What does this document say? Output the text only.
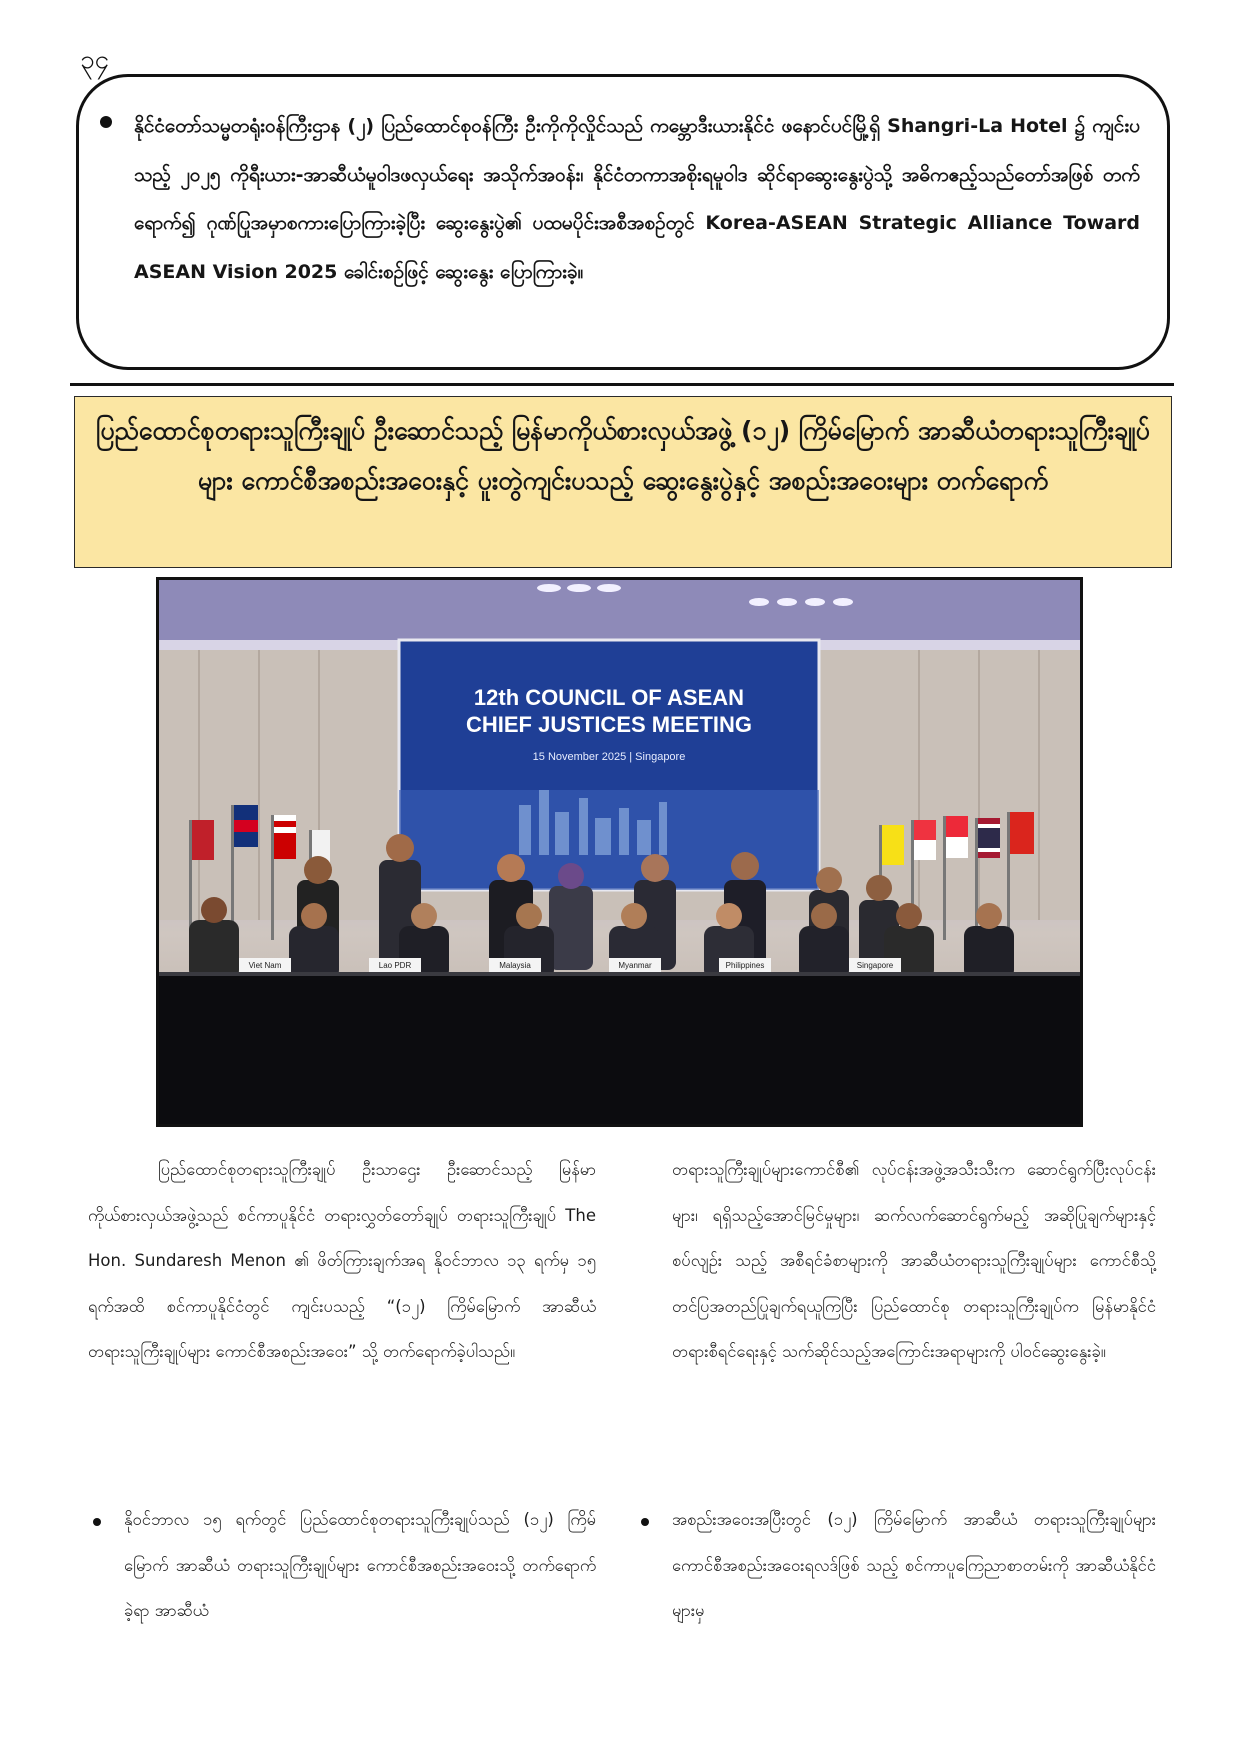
၃၄
နိုင်ငံတော်သမ္မတရုံးဝန်ကြီးဌာန (၂) ပြည်ထောင်စုဝန်ကြီး ဦးကိုကိုလှိုင်သည် ကမ္ဘောဒီးယားနိုင်ငံ ဖနောင်ပင်မြို့ရှိ Shangri-La Hotel ၌ ကျင်းပသည့် ၂၀၂၅ ကိုရီးယား-အာဆီယံမူဝါဒဖလှယ်ရေး အသိုက်အဝန်း၊ နိုင်ငံတကာအစိုးရမူဝါဒ ဆိုင်ရာဆွေးနွေးပွဲသို့ အဓိကဧည့်သည်တော်အဖြစ် တက်ရောက်၍ ဂုဏ်ပြုအမှာစကားပြောကြားခဲ့ပြီး ဆွေးနွေးပွဲ၏ ပထမပိုင်းအစီအစဉ်တွင် Korea-ASEAN Strategic Alliance Toward ASEAN Vision 2025 ခေါင်းစဉ်ဖြင့် ဆွေးနွေး ပြောကြားခဲ့။
ပြည်ထောင်စုတရားသူကြီးချုပ် ဦးဆောင်သည့် မြန်မာကိုယ်စားလှယ်အဖွဲ့ (၁၂) ကြိမ်မြောက် အာဆီယံတရားသူကြီးချုပ်များ ကောင်စီအစည်းအဝေးနှင့် ပူးတွဲကျင်းပသည့် ဆွေးနွေးပွဲနှင့် အစည်းအဝေးများ တက်ရောက်
12th COUNCIL OF ASEAN
CHIEF JUSTICES MEETING
15 November 2025 | Singapore
Viet Nam	Lao PDR	Malaysia	Myanmar	Philippines	Singapore
ပြည်ထောင်စုတရားသူကြီးချုပ် ဦးသာဌေး ဦးဆောင်သည့် မြန်မာကိုယ်စားလှယ်အဖွဲ့သည် စင်ကာပူနိုင်ငံ တရားလွှတ်တော်ချုပ် တရားသူကြီးချုပ် The Hon. Sundaresh Menon ၏ ဖိတ်ကြားချက်အရ နိုဝင်ဘာလ ၁၃ ရက်မှ ၁၅ ရက်အထိ စင်ကာပူနိုင်ငံတွင် ကျင်းပသည့် “(၁၂) ကြိမ်မြောက် အာဆီယံတရားသူကြီးချုပ်များ ကောင်စီအစည်းအဝေး” သို့ တက်ရောက်ခဲ့ပါသည်။
နိုဝင်ဘာလ ၁၅ ရက်တွင် ပြည်ထောင်စုတရားသူကြီးချုပ်သည် (၁၂) ကြိမ်မြောက် အာဆီယံ တရားသူကြီးချုပ်များ ကောင်စီအစည်းအဝေးသို့ တက်ရောက်ခဲ့ရာ အာဆီယံ
တရားသူကြီးချုပ်များကောင်စီ၏ လုပ်ငန်းအဖွဲ့အသီးသီးက ဆောင်ရွက်ပြီးလုပ်ငန်းများ၊ ရရှိသည့်အောင်မြင်မှုများ၊ ဆက်လက်ဆောင်ရွက်မည့် အဆိုပြုချက်များနှင့်စပ်လျဉ်း သည့် အစီရင်ခံစာများကို အာဆီယံတရားသူကြီးချုပ်များ ကောင်စီသို့ တင်ပြအတည်ပြုချက်ရယူကြပြီး ပြည်ထောင်စု တရားသူကြီးချုပ်က မြန်မာနိုင်ငံတရားစီရင်ရေးနှင့် သက်ဆိုင်သည့်အကြောင်းအရာများကို ပါဝင်ဆွေးနွေးခဲ့။
အစည်းအဝေးအပြီးတွင် (၁၂) ကြိမ်မြောက် အာဆီယံ တရားသူကြီးချုပ်များ ကောင်စီအစည်းအဝေးရလဒ်ဖြစ် သည့် စင်ကာပူကြေညာစာတမ်းကို အာဆီယံနိုင်ငံများမှ
